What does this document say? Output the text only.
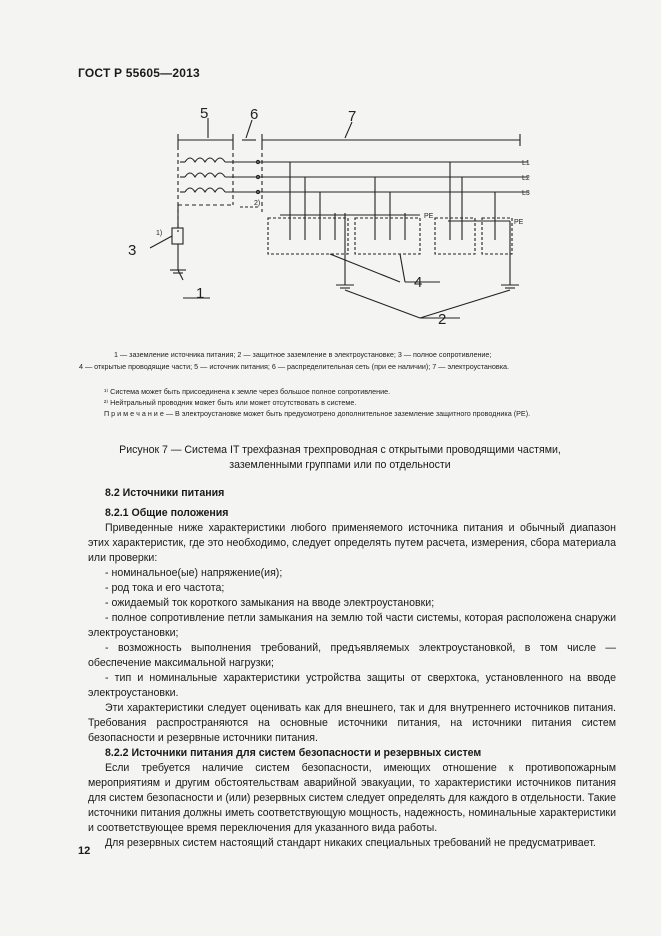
ГОСТ Р 55605—2013
5	6	7
3
1
4
2
L1
L2
L3
PE
PE
1)
2)
1 — заземление источника питания; 2 — защитное заземление в электроустановке; 3 — полное сопротивление;
4 — открытые проводящие части; 5 — источник питания; 6 — распределительная сеть (при ее наличии); 7 — электроустановка.
¹⁾ Система может быть присоединена к земле через большое полное сопротивление.
²⁾ Нейтральный проводник может быть или может отсутствовать в системе.
П р и м е ч а н и е — В электроустановке может быть предусмотрено дополнительное заземление защитного проводника (PE).
Рисунок 7 — Система IT трехфазная трехпроводная с открытыми проводящими частями, заземленными группами или по отдельности

8.2 Источники питания

8.2.1 Общие положения

Приведенные ниже характеристики любого применяемого источника питания и обычный диапазон этих характеристик, где это необходимо, следует определять путем расчета, измерения, сбора материала или проверки:

- номинальное(ые) напряжение(ия);

- род тока и его частота;

- ожидаемый ток короткого замыкания на вводе электроустановки;

- полное сопротивление петли замыкания на землю той части системы, которая расположена снаружи электроустановки;

- возможность выполнения требований, предъявляемых электроустановкой, в том числе — обеспечение максимальной нагрузки;

- тип и номинальные характеристики устройства защиты от сверхтока, установленного на вводе электроустановки.

Эти характеристики следует оценивать как для внешнего, так и для внутреннего источников питания. Требования распространяются на основные источники питания, на источники питания систем безопасности и резервные источники питания.

8.2.2 Источники питания для систем безопасности и резервных систем

Если требуется наличие систем безопасности, имеющих отношение к противопожарным мероприятиям и другим обстоятельствам аварийной эвакуации, то характеристики источников питания для систем безопасности и (или) резервных систем следует определять для каждого в отдельности. Такие источники питания должны иметь соответствующую мощность, надежность, номинальные характеристики и соответствующее время переключения для указанного вида работы.

Для резервных систем настоящий стандарт никаких специальных требований не предусматривает.

12
